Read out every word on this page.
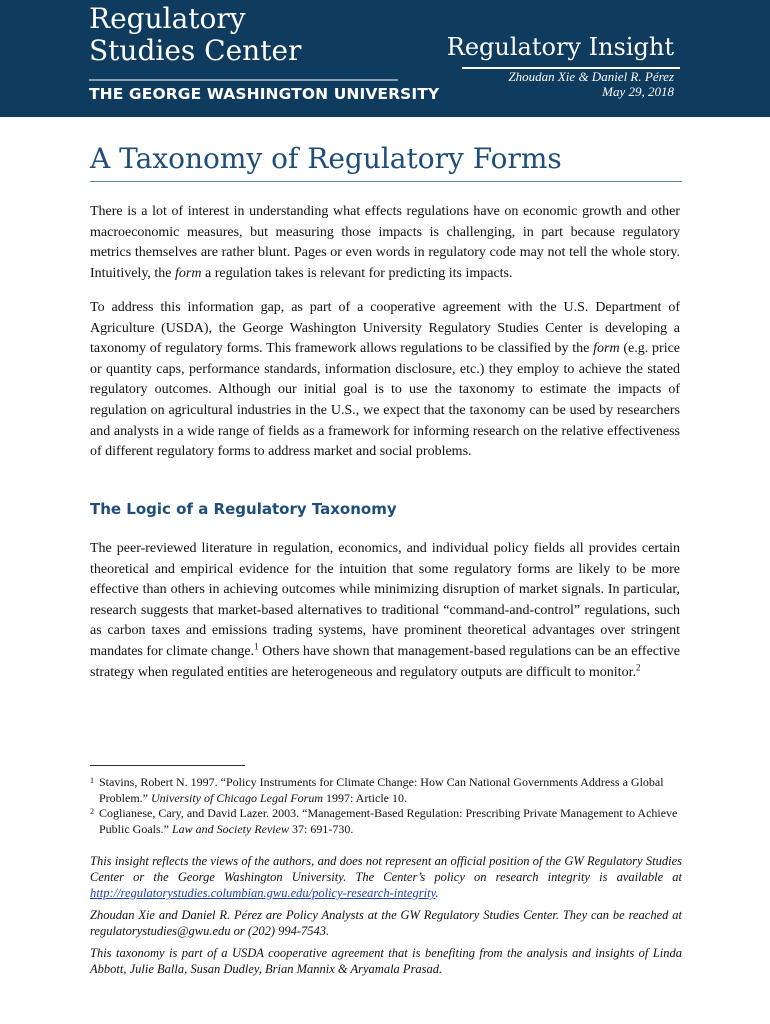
Regulatory
Studies Center
THE GEORGE WASHINGTON UNIVERSITY
Regulatory Insight
Zhoudan Xie & Daniel R. Pérez
May 29, 2018
A Taxonomy of Regulatory Forms

There is a lot of interest in understanding what effects regulations have on economic growth and other macroeconomic measures, but measuring those impacts is challenging, in part because regulatory metrics themselves are rather blunt. Pages or even words in regulatory code may not tell the whole story. Intuitively, the form a regulation takes is relevant for predicting its impacts.

To address this information gap, as part of a cooperative agreement with the U.S. Department of Agriculture (USDA), the George Washington University Regulatory Studies Center is developing a taxonomy of regulatory forms. This framework allows regulations to be classified by the form (e.g. price or quantity caps, performance standards, information disclosure, etc.) they employ to achieve the stated regulatory outcomes. Although our initial goal is to use the taxonomy to estimate the impacts of regulation on agricultural industries in the U.S., we expect that the taxonomy can be used by researchers and analysts in a wide range of fields as a framework for informing research on the relative effectiveness of different regulatory forms to address market and social problems.

The Logic of a Regulatory Taxonomy

The peer-reviewed literature in regulation, economics, and individual policy fields all provides certain theoretical and empirical evidence for the intuition that some regulatory forms are likely to be more effective than others in achieving outcomes while minimizing disruption of market signals. In particular, research suggests that market-based alternatives to traditional “command-and-control” regulations, such as carbon taxes and emissions trading systems, have prominent theoretical advantages over stringent mandates for climate change.$^1$ Others have shown that management-based regulations can be an effective strategy when regulated entities are heterogeneous and regulatory outputs are difficult to monitor.$^2$

1 Stavins, Robert N. 1997. “Policy Instruments for Climate Change: How Can National Governments Address a Global Problem.” University of Chicago Legal Forum 1997: Article 10.

2 Coglianese, Cary, and David Lazer. 2003. “Management-Based Regulation: Prescribing Private Management to Achieve Public Goals.” Law and Society Review 37: 691-730.

This insight reflects the views of the authors, and does not represent an official position of the GW Regulatory Studies Center or the George Washington University. The Center’s policy on research integrity is available at http://regulatorystudies.columbian.gwu.edu/policy-research-integrity.

Zhoudan Xie and Daniel R. Pérez are Policy Analysts at the GW Regulatory Studies Center. They can be reached at regulatorystudies@gwu.edu or (202) 994-7543.

This taxonomy is part of a USDA cooperative agreement that is benefiting from the analysis and insights of Linda Abbott, Julie Balla, Susan Dudley, Brian Mannix & Aryamala Prasad.
